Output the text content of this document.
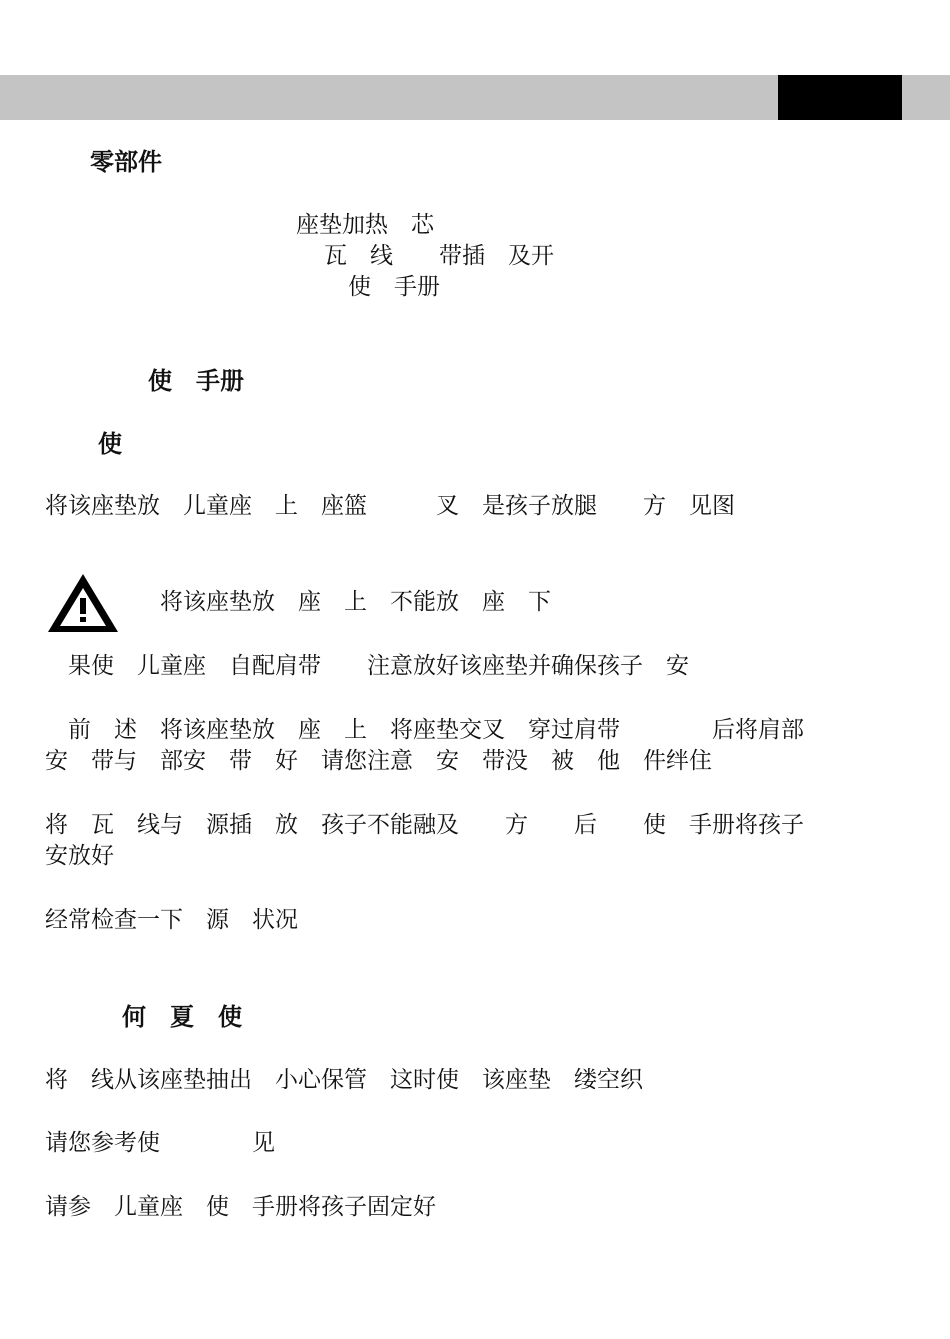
零部件
座垫加热　芯
瓦　线　　带插　及开
使　手册
使　手册
使
将该座垫放　儿童座　上　座篮　　　叉　是孩子放腿　　方　见图
将该座垫放　座　上　不能放　座　下
　果使　儿童座　自配肩带　　注意放好该座垫并确保孩子　安
　前　述　将该座垫放　座　上　将座垫交叉　穿过肩带　　　　后将肩部
安　带与　部安　带　好　请您注意　安　带没　被　他　件绊住
将　瓦　线与　源插　放　孩子不能融及　　方　　后　　使　手册将孩子
安放好
经常检查一下　源　状况
何　夏　使
将　线从该座垫抽出　小心保管　这时使　该座垫　缕空织
请您参考使　　　　见
请参　儿童座　使　手册将孩子固定好
